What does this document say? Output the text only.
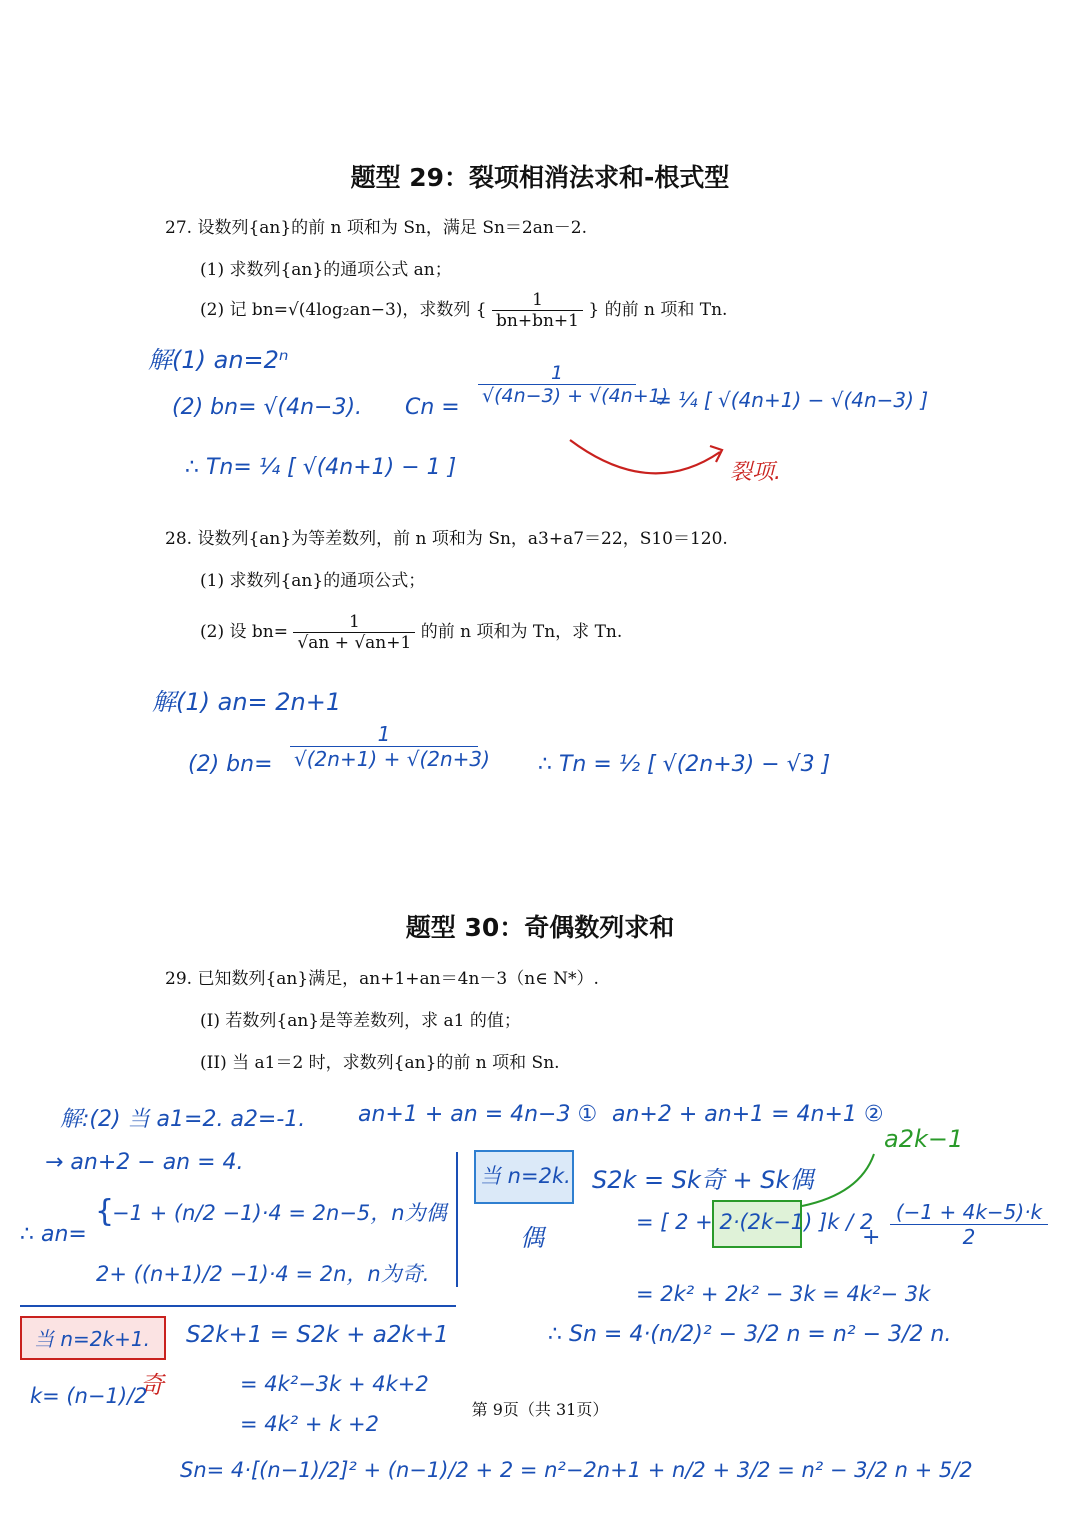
题型 29：裂项相消法求和-根式型
27. 设数列{an}的前 n 项和为 Sn，满足 Sn＝2an－2.
(1) 求数列{an}的通项公式 an；
(2) 记 bn=√(4log₂an−3)，求数列 { $\frac{1}{bn+bn+1}$ } 的前 n 项和 Tn.
解(1) an=2ⁿ
(2) bn= √(4n−3). Cn =
$\frac{1}{√(4n-3) + √(4n+1)}$
= ¼ [ √(4n+1) − √(4n−3) ]
∴ Tn= ¼ [ √(4n+1) − 1 ]	裂项.
28. 设数列{an}为等差数列，前 n 项和为 Sn，a3+a7＝22，S10＝120.
(1) 求数列{an}的通项公式；
(2) 设 $bn= \frac{1}{√an + √an+1}$ 的前 n 项和为 Tn，求 Tn.
解(1) an= 2n+1
(2) $bn= \frac{1}{√(2n+1) + √(2n+3)}$ ∴ Tn = ½ [ √(2n+3) − √3 ]
题型 30：奇偶数列求和
29. 已知数列{an}满足，an+1+an＝4n－3（n∈ N*）.
(I) 若数列{an}是等差数列，求 a1 的值；
(II) 当 a1＝2 时，求数列{an}的前 n 项和 Sn.
解:(2) 当 a1=2. a2=-1. an+1 + an = 4n−3 ① an+2 + an+1 = 4n+1 ②
→ an+2 − an = 4.
∴ an=
{
−1 + (n/2 −1)·4 = 2n−5，n为偶
2+ ((n+1)/2 −1)·4 = 2n，n为奇.
当 n=2k.
偶
S2k = Sk奇 + Sk偶
a2k−1
= [ 2 + 2·(2k−1) ]k / 2
+ $\frac{(-1 + 4k-5)\cdot k}{2}$
= 2k² + 2k² − 3k = 4k²− 3k
∴ Sn = 4·(n/2)² − 3/2 n = n² − 3/2 n.
当 n=2k+1.
奇
S2k+1 = S2k + a2k+1
= 4k²−3k + 4k+2
= 4k² + k +2
k= (n−1)/2
第 9页（共 31页）
Sn= 4·[(n−1)/2]² + (n−1)/2 + 2 = n²−2n+1 + n/2 + 3/2 = n² − 3/2 n + 5/2
